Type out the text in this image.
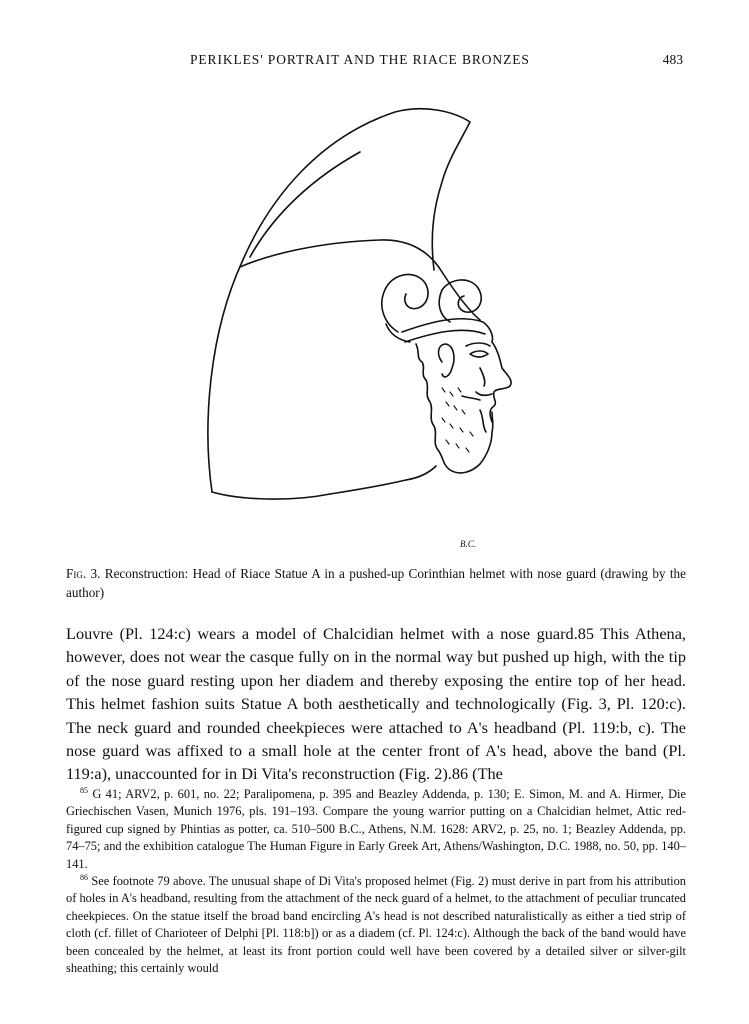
PERIKLES' PORTRAIT AND THE RIACE BRONZES	483
B.C.
Fig. 3. Reconstruction: Head of Riace Statue A in a pushed-up Corinthian helmet with nose guard (drawing by the author)

Louvre (Pl. 124:c) wears a model of Chalcidian helmet with a nose guard.85 This Athena, however, does not wear the casque fully on in the normal way but pushed up high, with the tip of the nose guard resting upon her diadem and thereby exposing the entire top of her head. This helmet fashion suits Statue A both aesthetically and technologically (Fig. 3, Pl. 120:c). The neck guard and rounded cheekpieces were attached to A's headband (Pl. 119:b, c). The nose guard was affixed to a small hole at the center front of A's head, above the band (Pl. 119:a), unaccounted for in Di Vita's reconstruction (Fig. 2).86 (The

$^{85}$ G 41; ARV2, p. 601, no. 22; Paralipomena, p. 395 and Beazley Addenda, p. 130; E. Simon, M. and A. Hirmer, Die Griechischen Vasen, Munich 1976, pls. 191–193. Compare the young warrior putting on a Chalcidian helmet, Attic red-figured cup signed by Phintias as potter, ca. 510–500 B.C., Athens, N.M. 1628: ARV2, p. 25, no. 1; Beazley Addenda, pp. 74–75; and the exhibition catalogue The Human Figure in Early Greek Art, Athens/Washington, D.C. 1988, no. 50, pp. 140–141.

$^{86}$ See footnote 79 above. The unusual shape of Di Vita's proposed helmet (Fig. 2) must derive in part from his attribution of holes in A's headband, resulting from the attachment of the neck guard of a helmet, to the attachment of peculiar truncated cheekpieces. On the statue itself the broad band encircling A's head is not described naturalistically as either a tied strip of cloth (cf. fillet of Charioteer of Delphi [Pl. 118:b]) or as a diadem (cf. Pl. 124:c). Although the back of the band would have been concealed by the helmet, at least its front portion could well have been covered by a detailed silver or silver-gilt sheathing; this certainly would
